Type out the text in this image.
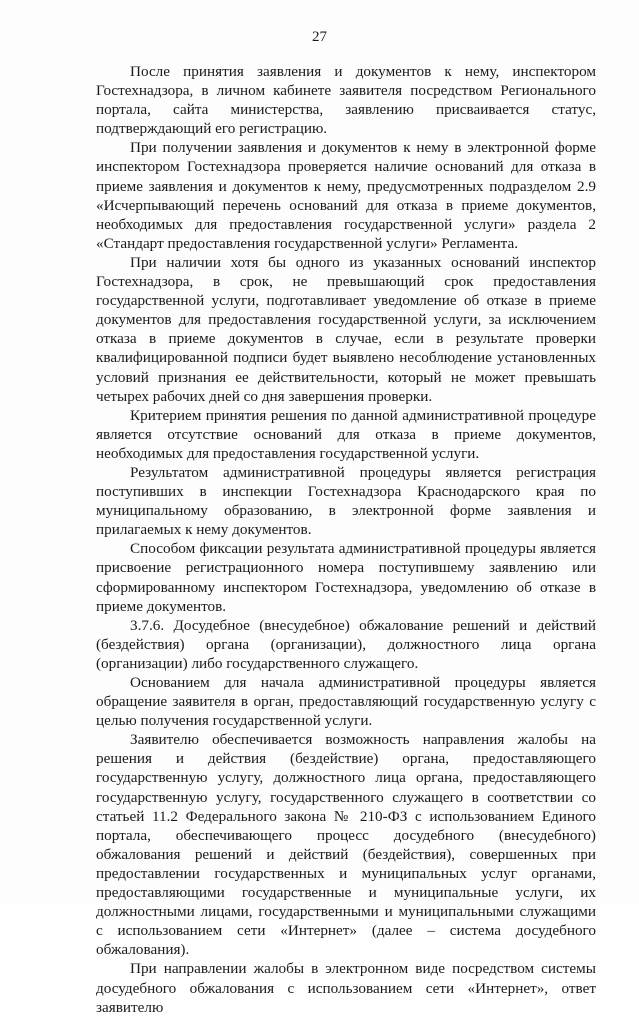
27

После принятия заявления и документов к нему, инспектором Гостехнадзора, в личном кабинете заявителя посредством Регионального портала, сайта министерства, заявлению присваивается статус, подтверждающий его регистрацию.

При получении заявления и документов к нему в электронной форме инспектором Гостехнадзора проверяется наличие оснований для отказа в приеме заявления и документов к нему, предусмотренных подразделом 2.9 «Исчерпывающий перечень оснований для отказа в приеме документов, необходимых для предоставления государственной услуги» раздела 2 «Стандарт предоставления государственной услуги» Регламента.

При наличии хотя бы одного из указанных оснований инспектор Гостехнадзора, в срок, не превышающий срок предоставления государственной услуги, подготавливает уведомление об отказе в приеме документов для предоставления государственной услуги, за исключением отказа в приеме документов в случае, если в результате проверки квалифицированной подписи будет выявлено несоблюдение установленных условий признания ее действительности, который не может превышать четырех рабочих дней со дня завершения проверки.

Критерием принятия решения по данной административной процедуре является отсутствие оснований для отказа в приеме документов, необходимых для предоставления государственной услуги.

Результатом административной процедуры является регистрация поступивших в инспекции Гостехнадзора Краснодарского края по муниципальному образованию, в электронной форме заявления и прилагаемых к нему документов.

Способом фиксации результата административной процедуры является присвоение регистрационного номера поступившему заявлению или сформированному инспектором Гостехнадзора, уведомлению об отказе в приеме документов.

3.7.6. Досудебное (внесудебное) обжалование решений и действий (бездействия) органа (организации), должностного лица органа (организации) либо государственного служащего.

Основанием для начала административной процедуры является обращение заявителя в орган, предоставляющий государственную услугу с целью получения государственной услуги.

Заявителю обеспечивается возможность направления жалобы на решения и действия (бездействие) органа, предоставляющего государственную услугу, должностного лица органа, предоставляющего государственную услугу, государственного служащего в соответствии со статьей 11.2 Федерального закона № 210-ФЗ с использованием Единого портала, обеспечивающего процесс досудебного (внесудебного) обжалования решений и действий (бездействия), совершенных при предоставлении государственных и муниципальных услуг органами, предоставляющими государственные и муниципальные услуги, их должностными лицами, государственными и муниципальными служащими с использованием сети «Интернет» (далее – система досудебного обжалования).

При направлении жалобы в электронном виде посредством системы досудебного обжалования с использованием сети «Интернет», ответ заявителю
